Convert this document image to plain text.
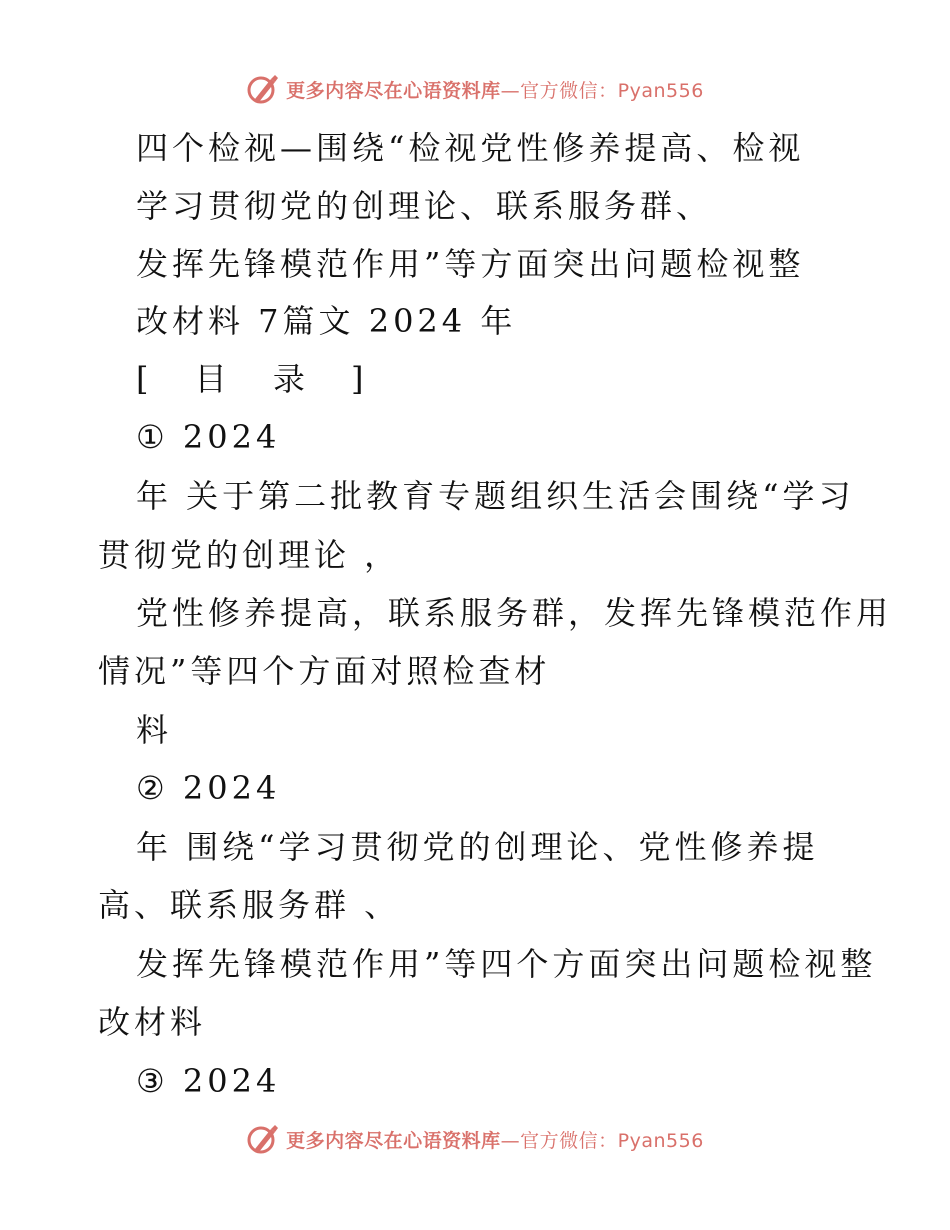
更多内容尽在心语资料库—官方微信：Pyan556

四个检视—围绕“检视党性修养提高、检视

学习贯彻党的创理论、联系服务群、

发挥先锋模范作用”等方面突出问题检视整

改材料 7篇文 2024 年

[ 目 录 ]

① 2024

年 关于第二批教育专题组织生活会围绕“学习

贯彻党的创理论 ，

党性修养提高，联系服务群，发挥先锋模范作用

情况”等四个方面对照检查材

料

② 2024

年 围绕“学习贯彻党的创理论、党性修养提

高、联系服务群 、

发挥先锋模范作用”等四个方面突出问题检视整

改材料

③ 2024

更多内容尽在心语资料库—官方微信：Pyan556
